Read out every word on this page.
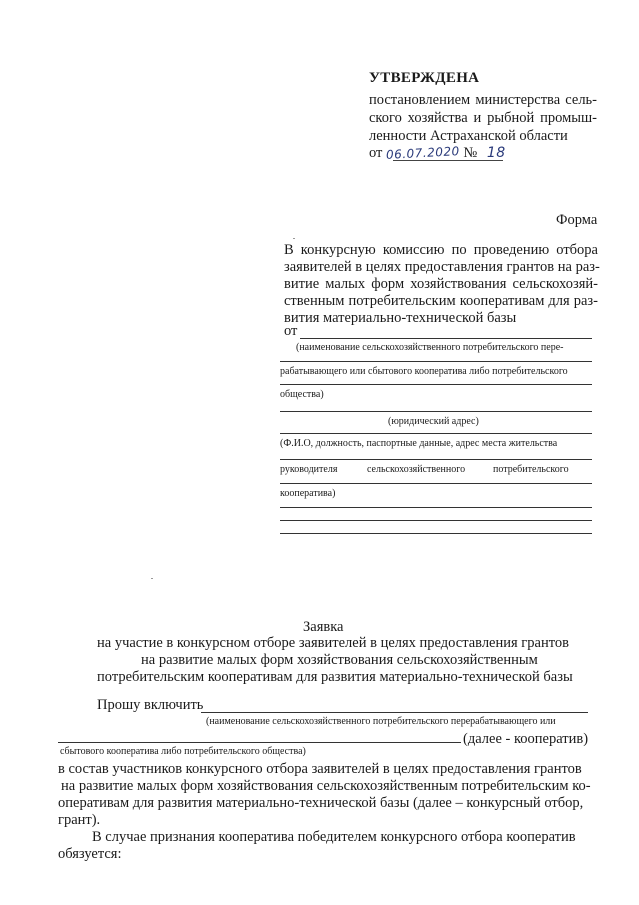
УТВЕРЖДЕНА
постановлением министерства сель-
ского хозяйства и рыбной промыш-
ленности Астраханской области
от 06.07.2020 № 18
Форма
В конкурсную комиссию по проведению отбора
заявителей в целях предоставления грантов на раз-
витие малых форм хозяйствования сельскохозяй-
ственным потребительским кооперативам для раз-
вития материально-технической базы
от
(наименование сельскохозяйственного потребительского пере-
рабатывающего или сбытового кооператива либо потребительского
общества)
(юридический адрес)
(Ф.И.О, должность, паспортные данные, адрес места жительства
руководителя	сельскохозяйственного	потребительского
кооператива)
Заявка
на участие в конкурсном отборе заявителей в целях предоставления грантов
на развитие малых форм хозяйствования сельскохозяйственным
потребительским кооперативам для развития материально-технической базы
Прошу включить
(наименование сельскохозяйственного потребительского перерабатывающего или
(далее - кооператив)
сбытового кооператива либо потребительского общества)
в состав участников конкурсного отбора заявителей в целях предоставления грантов
на развитие малых форм хозяйствования сельскохозяйственным потребительским ко-
оперативам для развития материально-технической базы (далее – конкурсный отбор,
грант).
В случае признания кооператива победителем конкурсного отбора кооператив
обязуется:
